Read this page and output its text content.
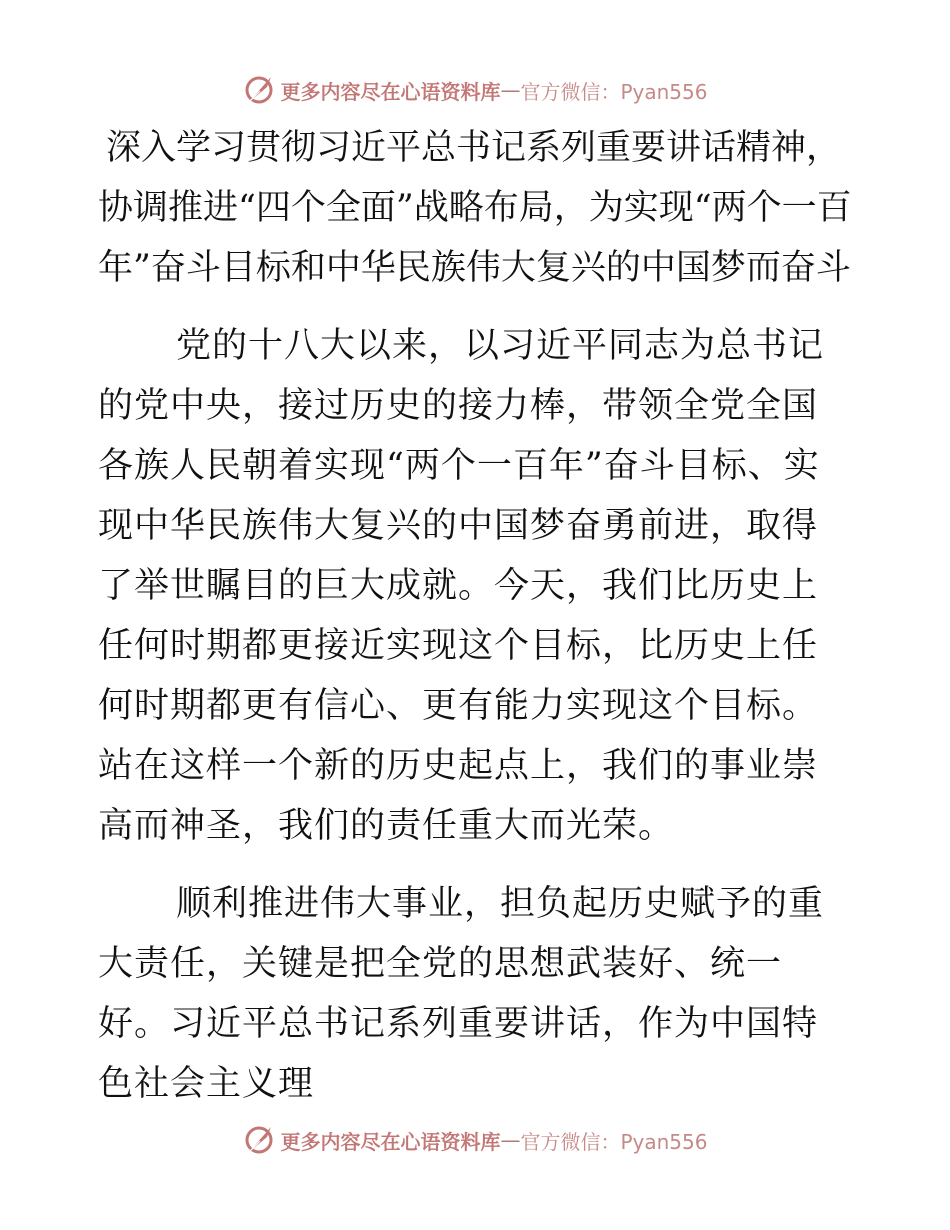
更多内容尽在心语资料库 — 官方微信：Pyan556
深入学习贯彻习近平总书记系列重要讲话精神，协调推进“四个全面”战略布局，为实现“两个一百年”奋斗目标和中华民族伟大复兴的中国梦而奋斗

党的十八大以来，以习近平同志为总书记的党中央，接过历史的接力棒，带领全党全国各族人民朝着实现“两个一百年”奋斗目标、实现中华民族伟大复兴的中国梦奋勇前进，取得了举世瞩目的巨大成就。今天，我们比历史上任何时期都更接近实现这个目标，比历史上任何时期都更有信心、更有能力实现这个目标。站在这样一个新的历史起点上，我们的事业崇高而神圣，我们的责任重大而光荣。

顺利推进伟大事业，担负起历史赋予的重大责任，关键是把全党的思想武装好、统一好。习近平总书记系列重要讲话，作为中国特色社会主义理

更多内容尽在心语资料库 — 官方微信：Pyan556
